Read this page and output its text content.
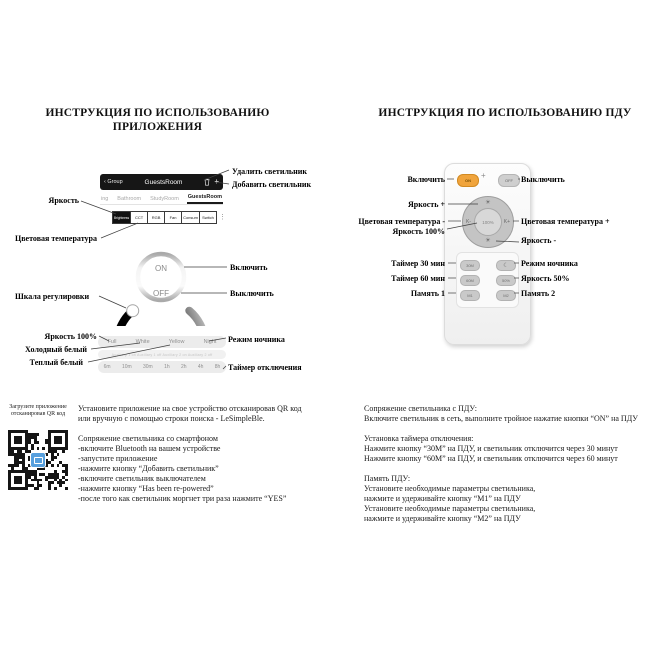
ИНСТРУКЦИЯ ПО ИСПОЛЬЗОВАНИЮ
ПРИЛОЖЕНИЯ
ИНСТРУКЦИЯ ПО ИСПОЛЬЗОВАНИЮ ПДУ
‹ Group	GuestsRoom	+
ing Bathroom StudyRoom GuestsRoom
Brightness	CCT	RGB	Fan	Consum	Switch ⋮
ON
OFF
Full	White	Yellow	Night
Auxiliary 1 on Auxiliary 1 off Auxiliary 2 on Auxiliary 2 off
6m 10m 30m 1h 2h 4h 8h
Удалить светильник
Добавить светильник
Яркость
Цветовая температура
Шкала регулировки
Включить
Выключить
Яркость 100%
Холодный белый
Теплый белый
Режим ночника
Таймер отключения
ON
+
OFF
☀
K-	100%	K+
☀
30M	☾
60M	50%
M1	M2
Включить	Выключить
Яркость +
Цветовая температура -
Яркость 100%
Цветовая температура +
Яркость -
Таймер 30 мин	Режим ночника
Таймер 60 мин	Яркость 50%
Память 1	Память 2
Загрузите приложение
отсканировав QR код
Установите приложение на свое устройство отсканировав QR код
или вручную с помощью строки поиска - LeSimpleBle.
Сопряжение светильника со смартфоном
-включите Bluetooth на вашем устройстве
-запустите приложение
-нажмите кнопку “Добавить светильник”
-включите светильник выключателем
-нажмите кнопку “Has been re-powered”
-после того как светильник моргнет три раза нажмите “YES”
Сопряжение светильника с ПДУ:
Включите светильник в сеть, выполните тройное нажатие кнопки “ON” на ПДУ
Установка таймера отключения:
Нажмите кнопку “30М” на ПДУ, и светильник отключится через 30 минут
Нажмите кнопку “60М” на ПДУ, и светильник отключится через 60 минут
Память ПДУ:
Установите необходимые параметры светильника,
нажмите и удерживайте кнопку “М1” на ПДУ
Установите необходимые параметры светильника,
нажмите и удерживайте кнопку “М2” на ПДУ
